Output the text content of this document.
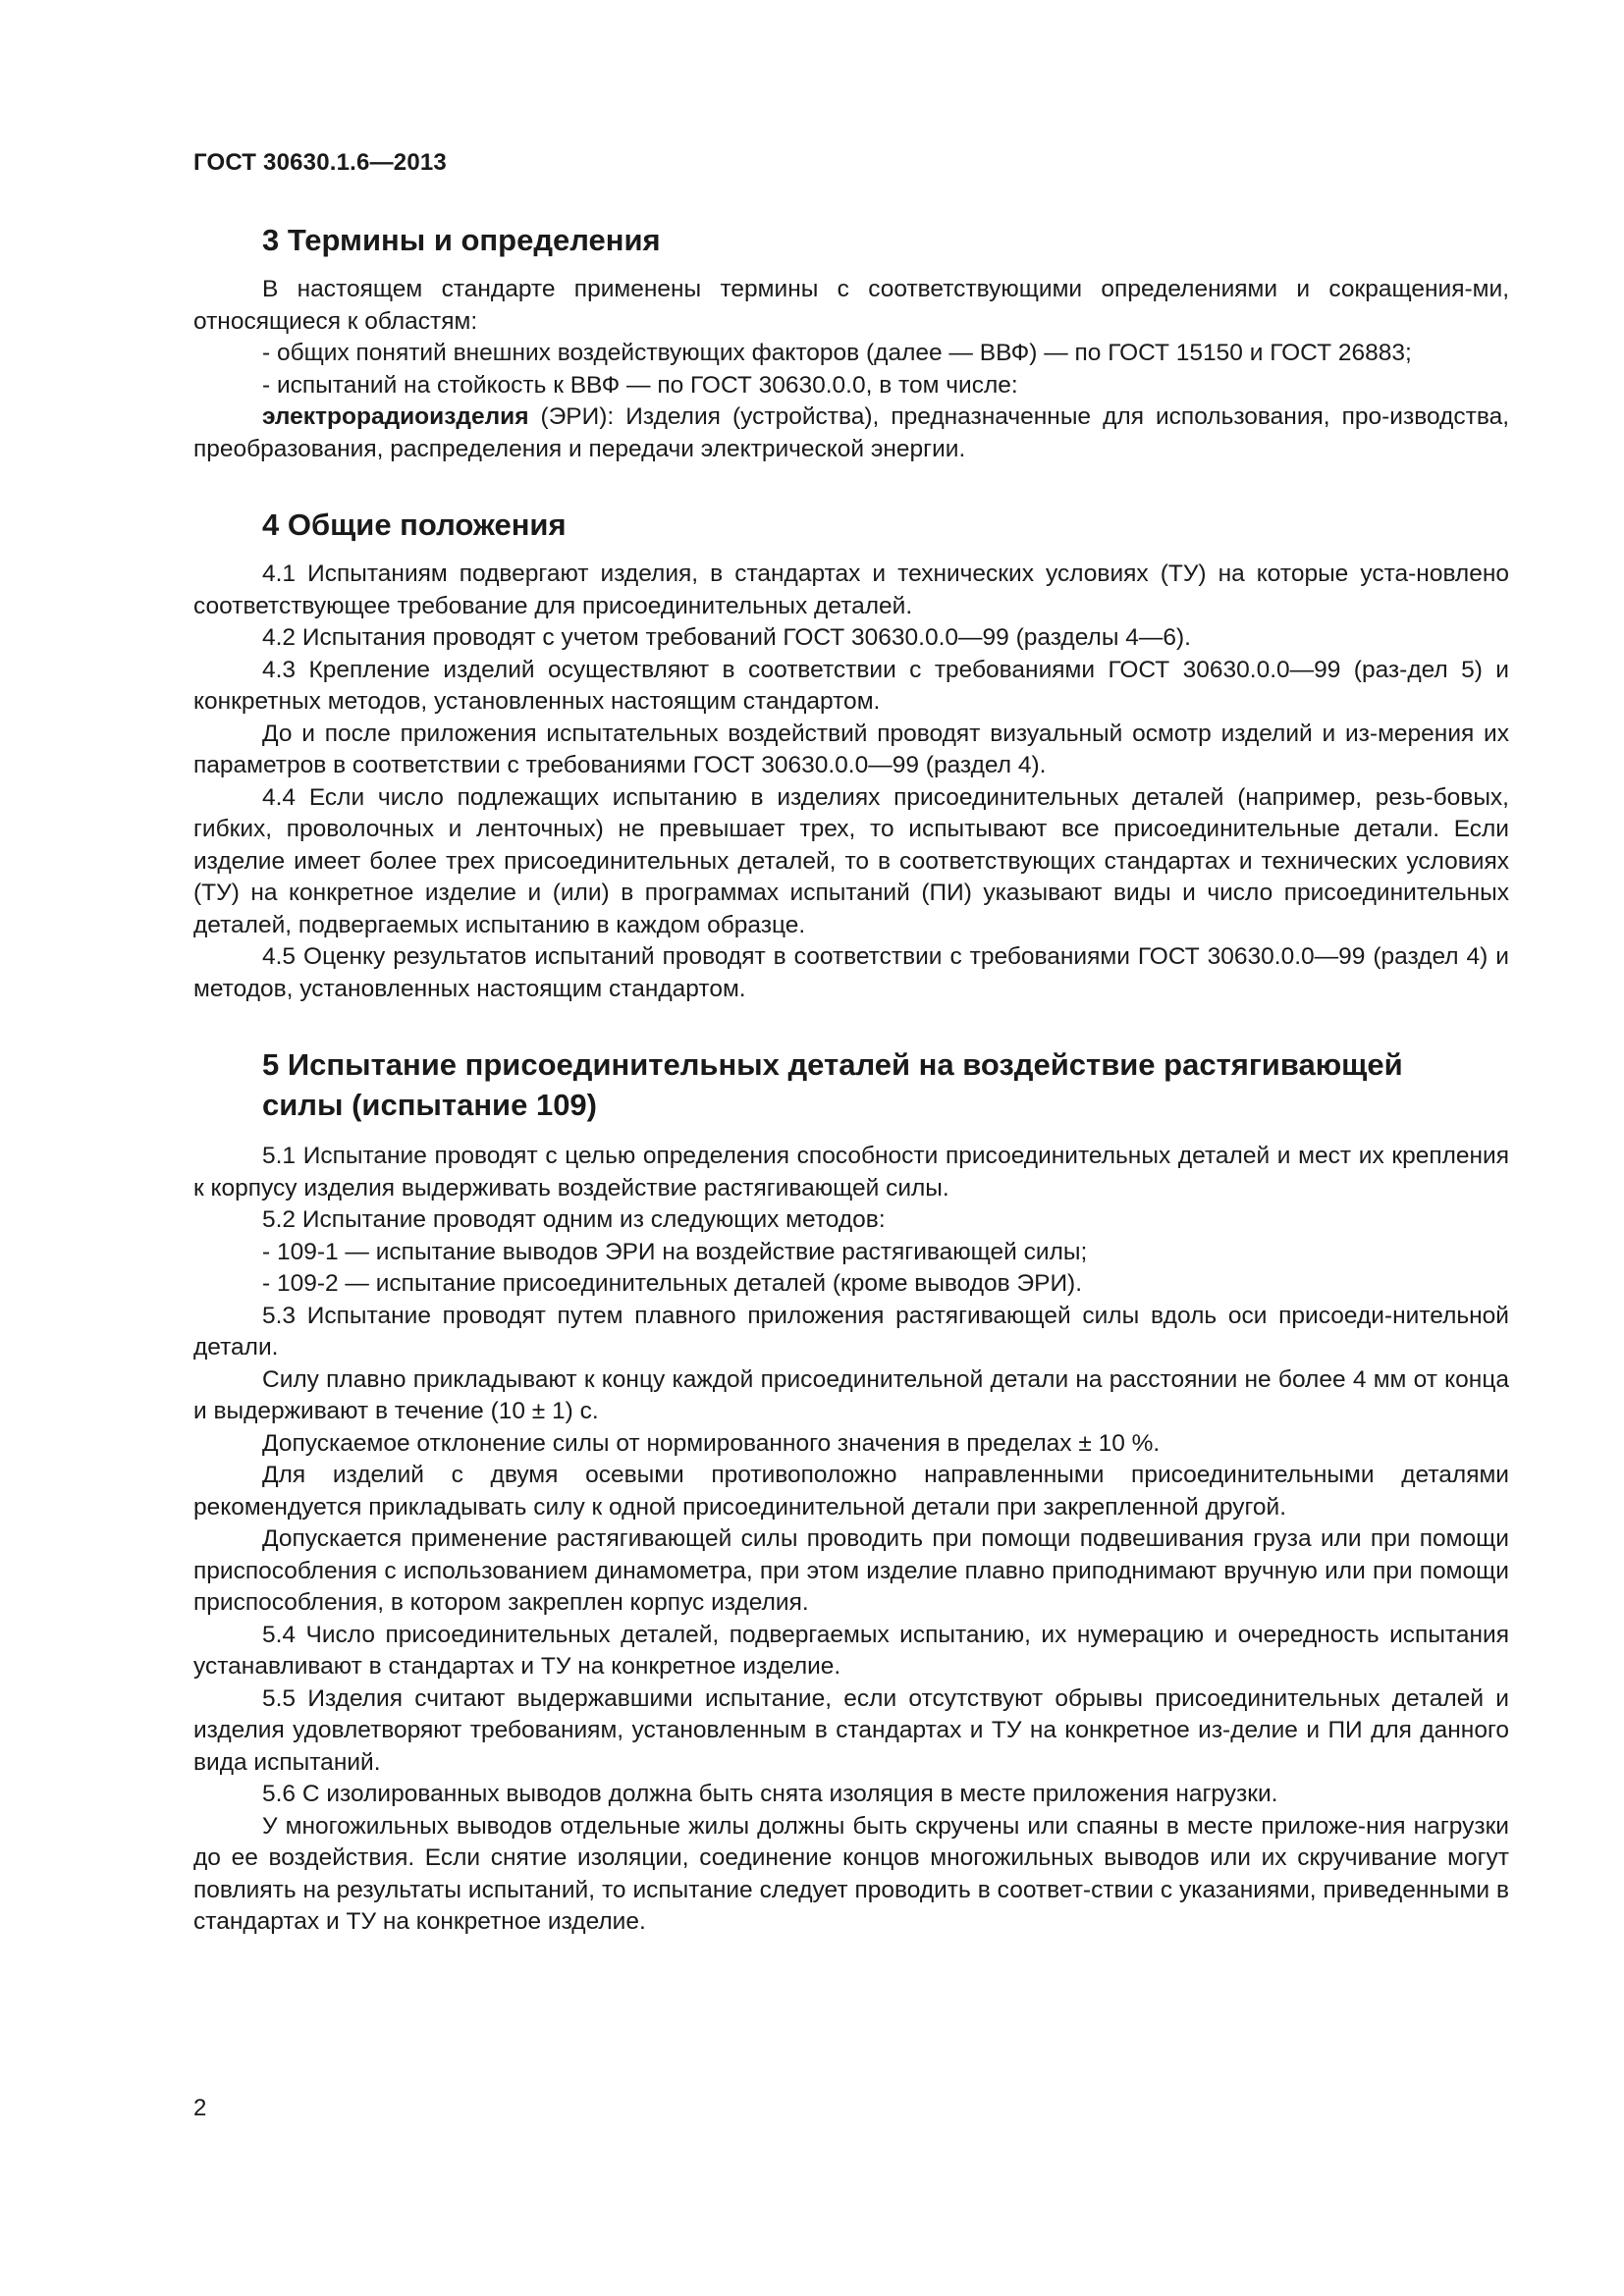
ГОСТ 30630.1.6—2013
3 Термины и определения

В настоящем стандарте применены термины с соответствующими определениями и сокращения-ми, относящиеся к областям:

- общих понятий внешних воздействующих факторов (далее — ВВФ) — по ГОСТ 15150 и ГОСТ 26883;

- испытаний на стойкость к ВВФ — по ГОСТ 30630.0.0, в том числе:

электрорадиоизделия (ЭРИ): Изделия (устройства), предназначенные для использования, про-изводства, преобразования, распределения и передачи электрической энергии.

4 Общие положения

4.1 Испытаниям подвергают изделия, в стандартах и технических условиях (ТУ) на которые уста-новлено соответствующее требование для присоединительных деталей.

4.2 Испытания проводят с учетом требований ГОСТ 30630.0.0—99 (разделы 4—6).

4.3 Крепление изделий осуществляют в соответствии с требованиями ГОСТ 30630.0.0—99 (раз-дел 5) и конкретных методов, установленных настоящим стандартом.

До и после приложения испытательных воздействий проводят визуальный осмотр изделий и из-мерения их параметров в соответствии с требованиями ГОСТ 30630.0.0—99 (раздел 4).

4.4 Если число подлежащих испытанию в изделиях присоединительных деталей (например, резь-бовых, гибких, проволочных и ленточных) не превышает трех, то испытывают все присоединительные детали. Если изделие имеет более трех присоединительных деталей, то в соответствующих стандартах и технических условиях (ТУ) на конкретное изделие и (или) в программах испытаний (ПИ) указывают виды и число присоединительных деталей, подвергаемых испытанию в каждом образце.

4.5 Оценку результатов испытаний проводят в соответствии с требованиями ГОСТ 30630.0.0—99 (раздел 4) и методов, установленных настоящим стандартом.

5 Испытание присоединительных деталей на воздействие растягивающей
силы (испытание 109)

5.1 Испытание проводят с целью определения способности присоединительных деталей и мест их крепления к корпусу изделия выдерживать воздействие растягивающей силы.

5.2 Испытание проводят одним из следующих методов:

- 109-1 — испытание выводов ЭРИ на воздействие растягивающей силы;

- 109-2 — испытание присоединительных деталей (кроме выводов ЭРИ).

5.3 Испытание проводят путем плавного приложения растягивающей силы вдоль оси присоеди-нительной детали.

Силу плавно прикладывают к концу каждой присоединительной детали на расстоянии не более 4 мм от конца и выдерживают в течение (10 ± 1) с.

Допускаемое отклонение силы от нормированного значения в пределах ± 10 %.

Для изделий с двумя осевыми противоположно направленными присоединительными деталями рекомендуется прикладывать силу к одной присоединительной детали при закрепленной другой.

Допускается применение растягивающей силы проводить при помощи подвешивания груза или при помощи приспособления с использованием динамометра, при этом изделие плавно приподнимают вручную или при помощи приспособления, в котором закреплен корпус изделия.

5.4 Число присоединительных деталей, подвергаемых испытанию, их нумерацию и очередность испытания устанавливают в стандартах и ТУ на конкретное изделие.

5.5 Изделия считают выдержавшими испытание, если отсутствуют обрывы присоединительных деталей и изделия удовлетворяют требованиям, установленным в стандартах и ТУ на конкретное из-делие и ПИ для данного вида испытаний.

5.6 С изолированных выводов должна быть снята изоляция в месте приложения нагрузки.

У многожильных выводов отдельные жилы должны быть скручены или спаяны в месте приложе-ния нагрузки до ее воздействия. Если снятие изоляции, соединение концов многожильных выводов или их скручивание могут повлиять на результаты испытаний, то испытание следует проводить в соответ-ствии с указаниями, приведенными в стандартах и ТУ на конкретное изделие.

2
